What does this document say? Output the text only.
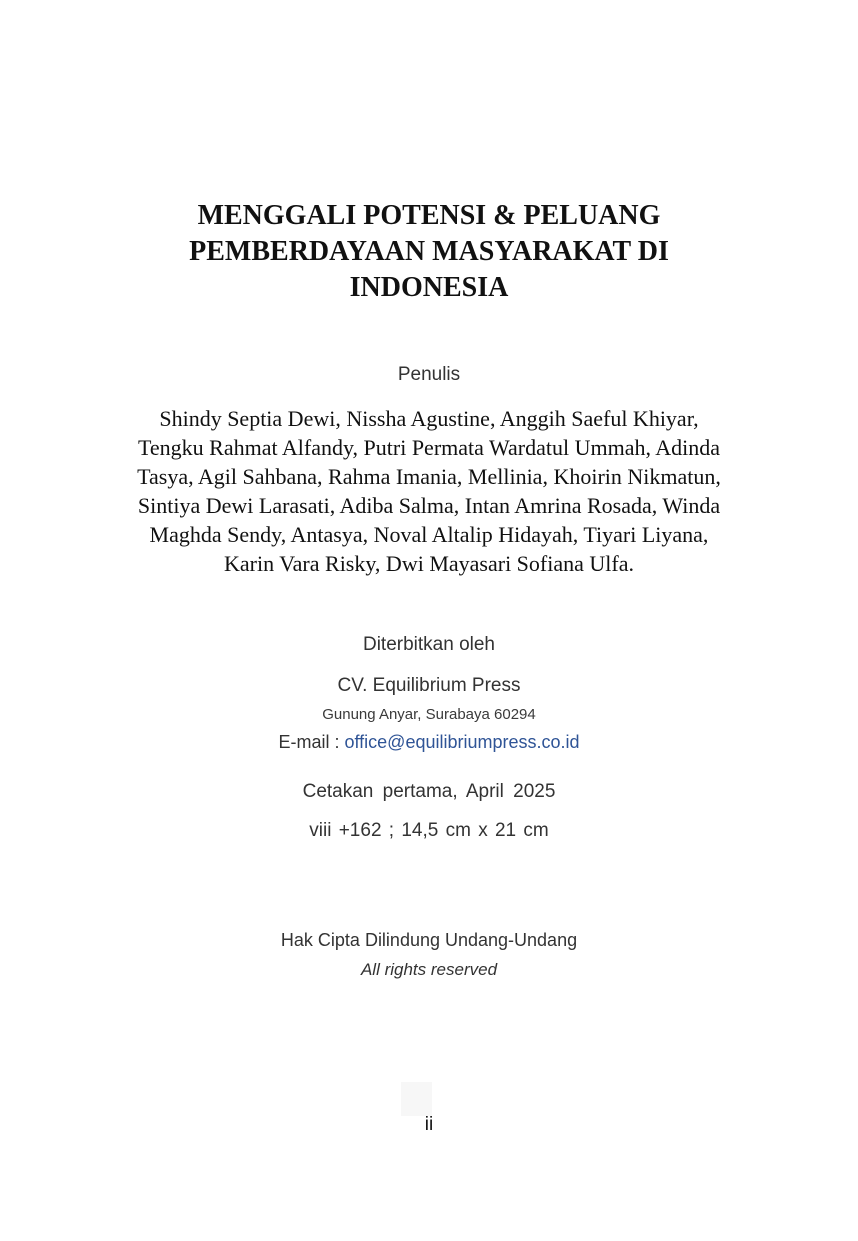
MENGGALI POTENSI & PELUANG
PEMBERDAYAAN MASYARAKAT DI
INDONESIA
Penulis
Shindy Septia Dewi, Nissha Agustine, Anggih Saeful Khiyar,
Tengku Rahmat Alfandy, Putri Permata Wardatul Ummah, Adinda
Tasya, Agil Sahbana, Rahma Imania, Mellinia, Khoirin Nikmatun,
Sintiya Dewi Larasati, Adiba Salma, Intan Amrina Rosada, Winda
Maghda Sendy, Antasya, Noval Altalip Hidayah, Tiyari Liyana,
Karin Vara Risky, Dwi Mayasari Sofiana Ulfa.
Diterbitkan oleh
CV. Equilibrium Press
Gunung Anyar, Surabaya 60294
E-mail : office@equilibriumpress.co.id
Cetakan pertama, April 2025
viii +162 ; 14,5 cm x 21 cm
Hak Cipta Dilindung Undang-Undang
All rights reserved
ii
